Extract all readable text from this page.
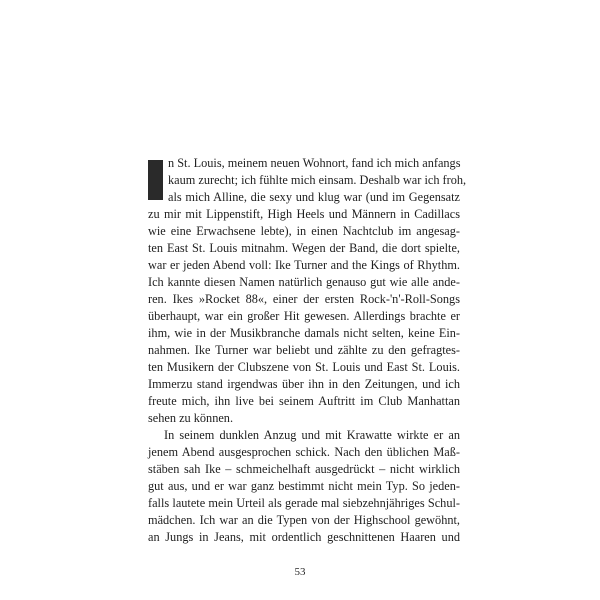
I	n St. Louis, meinem neuen Wohnort, fand ich mich anfangs
kaum zurecht; ich fühlte mich einsam. Deshalb war ich froh,
als mich Alline, die sexy und klug war (und im Gegensatz
zu mir mit Lippenstift, High Heels und Männern in Cadillacs
wie eine Erwachsene lebte), in einen Nachtclub im angesag-
ten East St. Louis mitnahm. Wegen der Band, die dort spielte,
war er jeden Abend voll: Ike Turner and the Kings of Rhythm.
Ich kannte diesen Namen natürlich genauso gut wie alle ande-
ren. Ikes »Rocket 88«, einer der ersten Rock-'n'-Roll-Songs
überhaupt, war ein großer Hit gewesen. Allerdings brachte er
ihm, wie in der Musikbranche damals nicht selten, keine Ein-
nahmen. Ike Turner war beliebt und zählte zu den gefragtes-
ten Musikern der Clubszene von St. Louis und East St. Louis.
Immerzu stand irgendwas über ihn in den Zeitungen, und ich
freute mich, ihn live bei seinem Auftritt im Club Manhattan
sehen zu können.
In seinem dunklen Anzug und mit Krawatte wirkte er an
jenem Abend ausgesprochen schick. Nach den üblichen Maß-
stäben sah Ike – schmeichelhaft ausgedrückt – nicht wirklich
gut aus, und er war ganz bestimmt nicht mein Typ. So jeden-
falls lautete mein Urteil als gerade mal siebzehnjähriges Schul-
mädchen. Ich war an die Typen von der Highschool gewöhnt,
an Jungs in Jeans, mit ordentlich geschnittenen Haaren und
53
